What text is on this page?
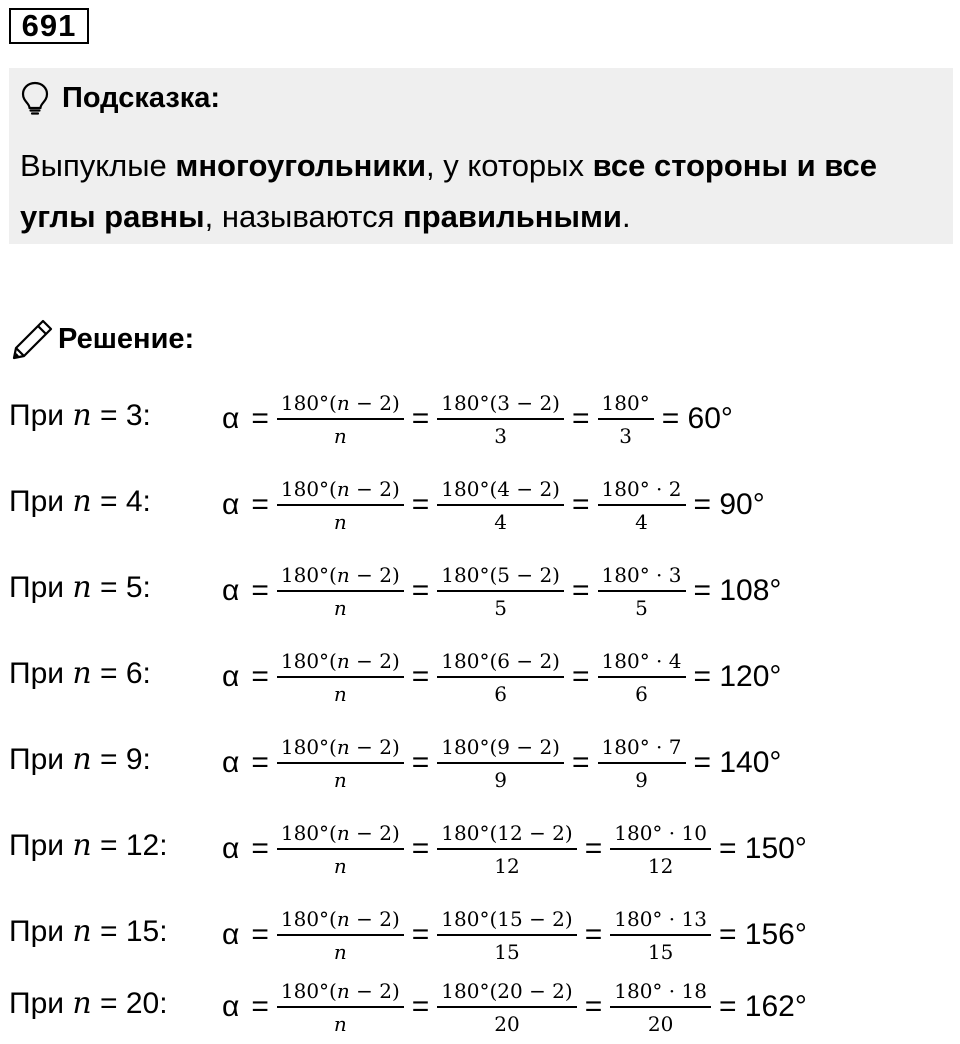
691
Подсказка:
Выпуклые многоугольники, у которых все стороны и все углы равны, называются правильными.
Решение:
При n = 3: $\alpha = \frac{180^\circ(n - 2)}{n} = \frac{180^\circ(3 - 2)}{3} = \frac{180^\circ}{3} = 60^\circ$
При n = 4: $\alpha = \frac{180^\circ(n - 2)}{n} = \frac{180^\circ(4 - 2)}{4} = \frac{180^\circ \cdot 2}{4} = 90^\circ$
При n = 5: $\alpha = \frac{180^\circ(n - 2)}{n} = \frac{180^\circ(5 - 2)}{5} = \frac{180^\circ \cdot 3}{5} = 108^\circ$
При n = 6: $\alpha = \frac{180^\circ(n - 2)}{n} = \frac{180^\circ(6 - 2)}{6} = \frac{180^\circ \cdot 4}{6} = 120^\circ$
При n = 9: $\alpha = \frac{180^\circ(n - 2)}{n} = \frac{180^\circ(9 - 2)}{9} = \frac{180^\circ \cdot 7}{9} = 140^\circ$
При n = 12: $\alpha = \frac{180^\circ(n - 2)}{n} = \frac{180^\circ(12 - 2)}{12} = \frac{180^\circ \cdot 10}{12} = 150^\circ$
При n = 15: $\alpha = \frac{180^\circ(n - 2)}{n} = \frac{180^\circ(15 - 2)}{15} = \frac{180^\circ \cdot 13}{15} = 156^\circ$
При n = 20: $\alpha = \frac{180^\circ(n - 2)}{n} = \frac{180^\circ(20 - 2)}{20} = \frac{180^\circ \cdot 18}{20} = 162^\circ$
